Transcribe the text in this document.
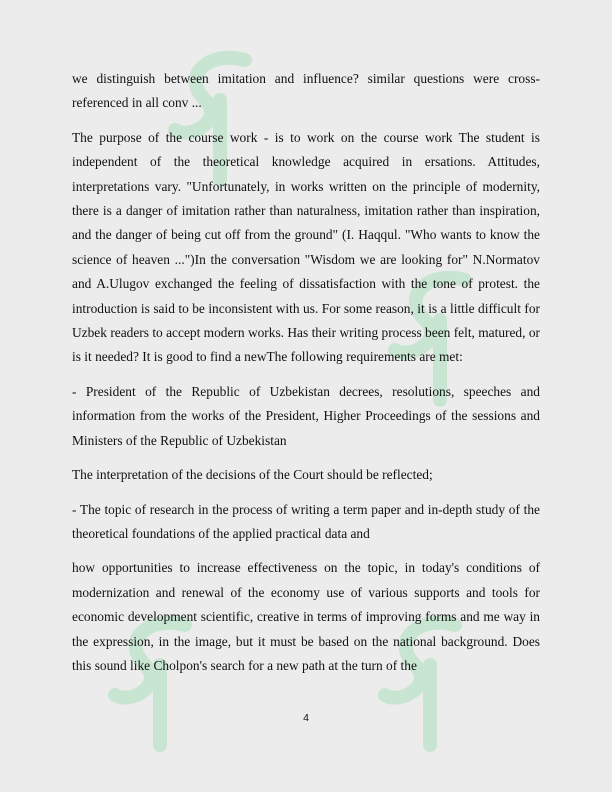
we distinguish between imitation and influence? similar questions were cross-referenced in all conv ...

The purpose of the course work - is to work on the course work The student is independent of the theoretical knowledge acquired in ersations. Attitudes, interpretations vary. "Unfortunately, in works written on the principle of modernity, there is a danger of imitation rather than naturalness, imitation rather than inspiration, and the danger of being cut off from the ground" (I. Haqqul. "Who wants to know the science of heaven ...")In the conversation "Wisdom we are looking for" N.Normatov and A.Ulugov exchanged the feeling of dissatisfaction with the tone of protest. the introduction is said to be inconsistent with us. For some reason, it is a little difficult for Uzbek readers to accept modern works. Has their writing process been felt, matured, or is it needed? It is good to find a newThe following requirements are met:

- President of the Republic of Uzbekistan decrees, resolutions, speeches and information from the works of the President, Higher Proceedings of the sessions and Ministers of the Republic of Uzbekistan

The interpretation of the decisions of the Court should be reflected;

- The topic of research in the process of writing a term paper and in-depth study of the theoretical foundations of the applied practical data and

how opportunities to increase effectiveness on the topic, in today's conditions of modernization and renewal of the economy use of various supports and tools for economic development scientific, creative in terms of improving forms and me way in the expression, in the image, but it must be based on the national background. Does this sound like Cholpon's search for a new path at the turn of the

4
